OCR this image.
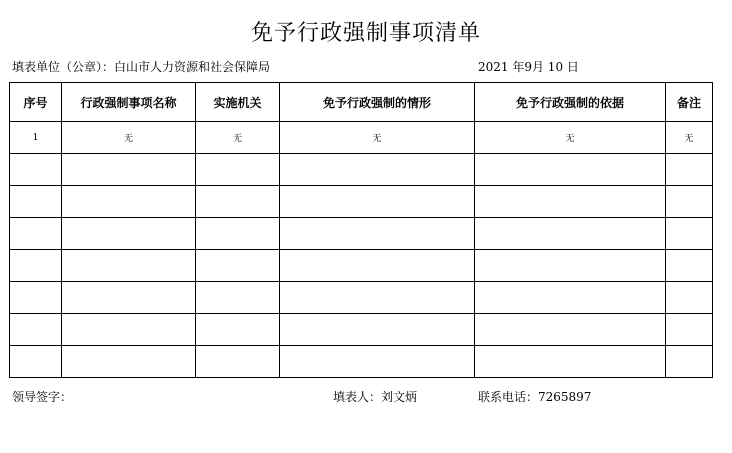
免予行政强制事项清单
填表单位（公章）：白山市人力资源和社会保障局	2021 年9月 10 日
序号	行政强制事项名称	实施机关	免予行政强制的情形	免予行政强制的依据	备注
1	无	无	无	无	无

领导签字：	填表人：刘文炳	联系电话：7265897
